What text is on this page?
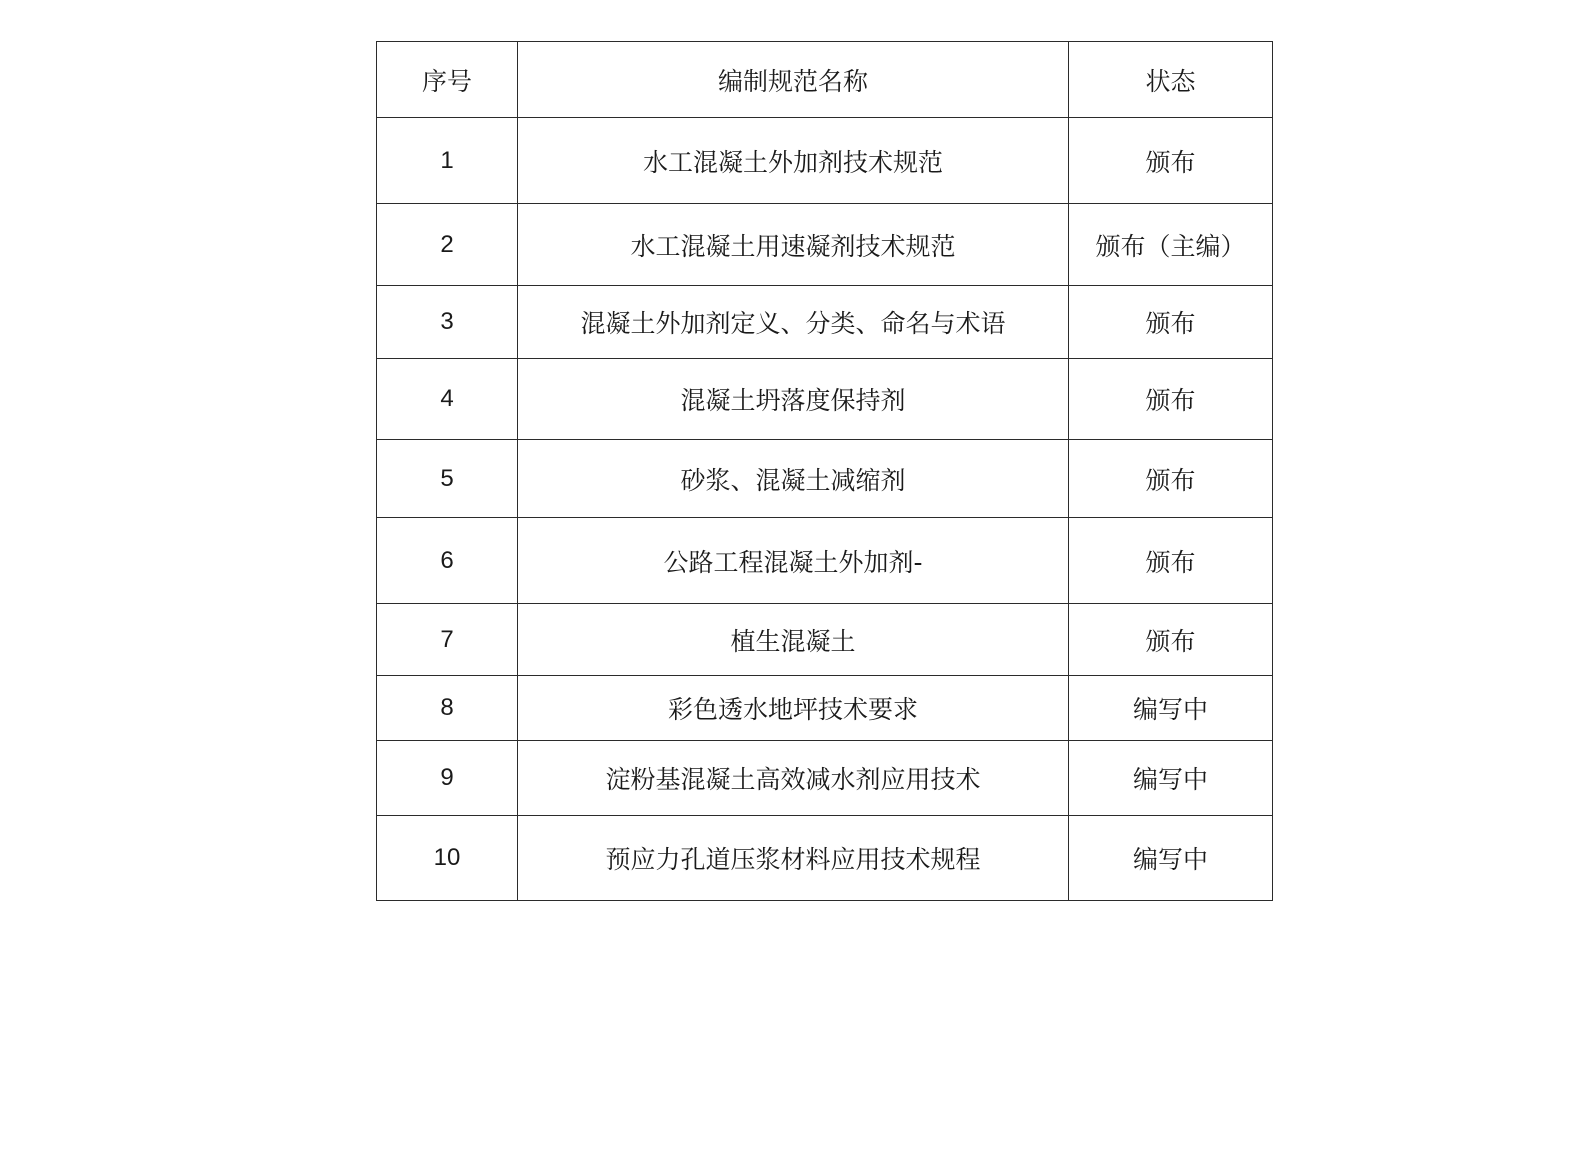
序号	编制规范名称	状态
1	水工混凝土外加剂技术规范	颁布
2	水工混凝土用速凝剂技术规范	颁布（主编）
3	混凝土外加剂定义、分类、命名与术语	颁布
4	混凝土坍落度保持剂	颁布
5	砂浆、混凝土减缩剂	颁布
6	公路工程混凝土外加剂-	颁布
7	植生混凝土	颁布
8	彩色透水地坪技术要求	编写中
9	淀粉基混凝土高效减水剂应用技术	编写中
10	预应力孔道压浆材料应用技术规程	编写中
